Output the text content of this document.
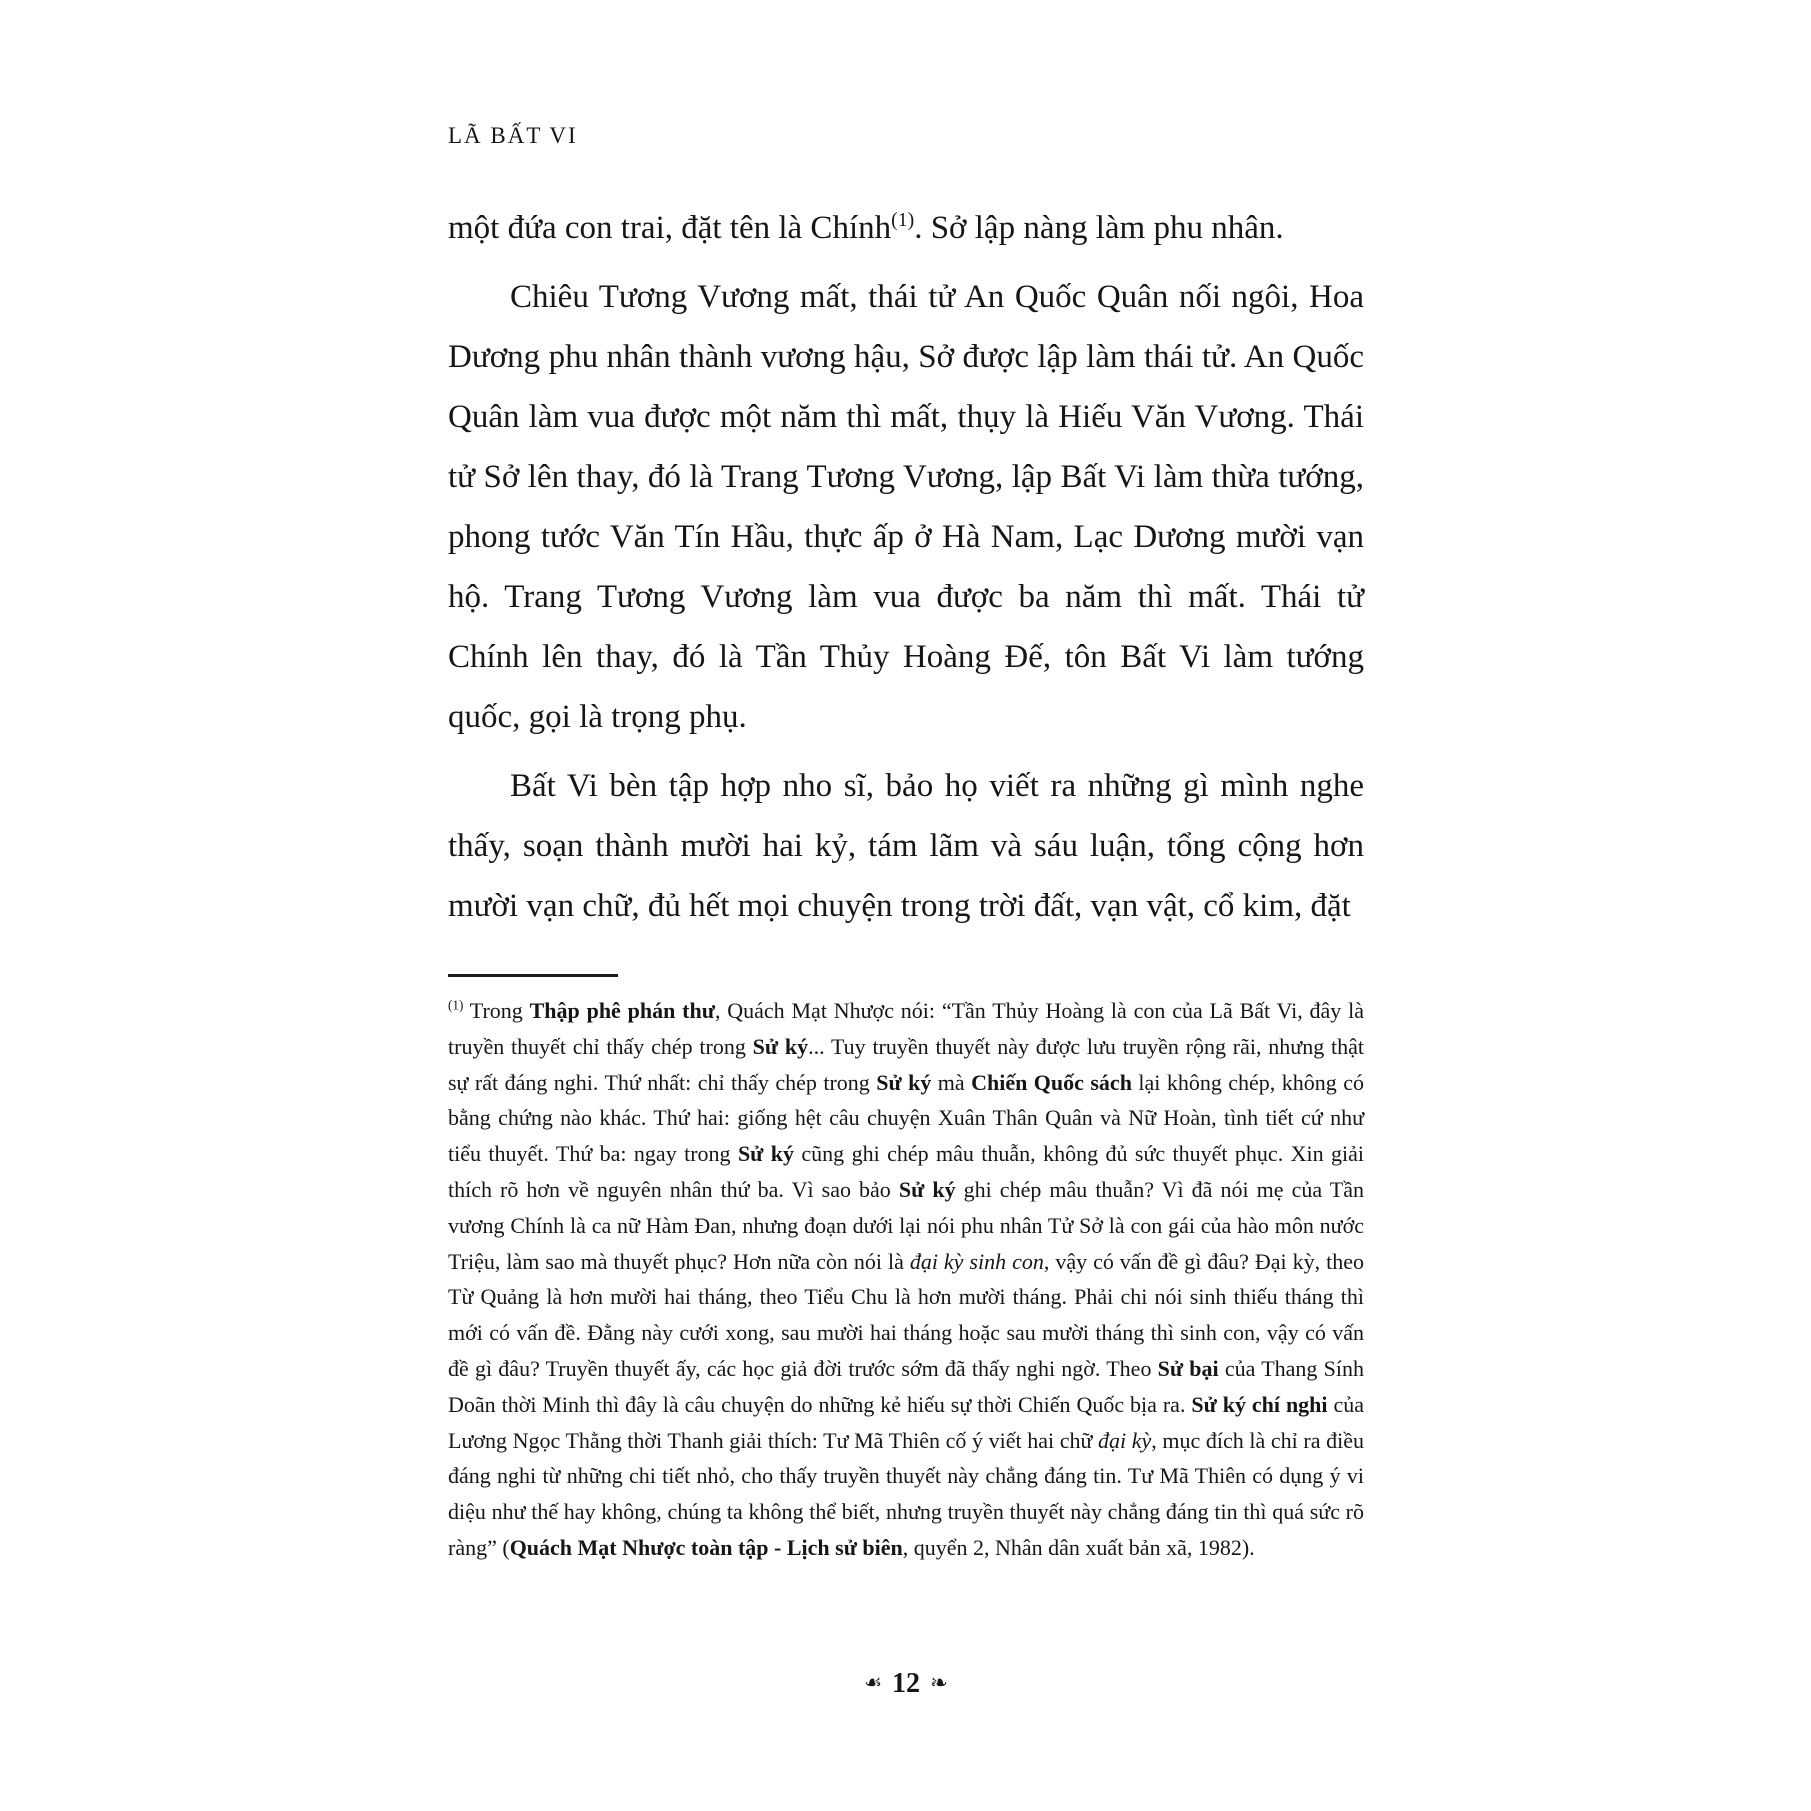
LÃ BẤT VI

một đứa con trai, đặt tên là Chính$^{(1)}$. Sở lập nàng làm phu nhân.

Chiêu Tương Vương mất, thái tử An Quốc Quân nối ngôi, Hoa Dương phu nhân thành vương hậu, Sở được lập làm thái tử. An Quốc Quân làm vua được một năm thì mất, thụy là Hiếu Văn Vương. Thái tử Sở lên thay, đó là Trang Tương Vương, lập Bất Vi làm thừa tướng, phong tước Văn Tín Hầu, thực ấp ở Hà Nam, Lạc Dương mười vạn hộ. Trang Tương Vương làm vua được ba năm thì mất. Thái tử Chính lên thay, đó là Tần Thủy Hoàng Đế, tôn Bất Vi làm tướng quốc, gọi là trọng phụ.

Bất Vi bèn tập hợp nho sĩ, bảo họ viết ra những gì mình nghe thấy, soạn thành mười hai kỷ, tám lãm và sáu luận, tổng cộng hơn mười vạn chữ, đủ hết mọi chuyện trong trời đất, vạn vật, cổ kim, đặt

$^{(1)}$ Trong Thập phê phán thư, Quách Mạt Nhược nói: “Tần Thủy Hoàng là con của Lã Bất Vi, đây là truyền thuyết chỉ thấy chép trong Sử ký... Tuy truyền thuyết này được lưu truyền rộng rãi, nhưng thật sự rất đáng nghi. Thứ nhất: chỉ thấy chép trong Sử ký mà Chiến Quốc sách lại không chép, không có bằng chứng nào khác. Thứ hai: giống hệt câu chuyện Xuân Thân Quân và Nữ Hoàn, tình tiết cứ như tiểu thuyết. Thứ ba: ngay trong Sử ký cũng ghi chép mâu thuẫn, không đủ sức thuyết phục. Xin giải thích rõ hơn về nguyên nhân thứ ba. Vì sao bảo Sử ký ghi chép mâu thuẫn? Vì đã nói mẹ của Tần vương Chính là ca nữ Hàm Đan, nhưng đoạn dưới lại nói phu nhân Tử Sở là con gái của hào môn nước Triệu, làm sao mà thuyết phục? Hơn nữa còn nói là đại kỳ sinh con, vậy có vấn đề gì đâu? Đại kỳ, theo Từ Quảng là hơn mười hai tháng, theo Tiểu Chu là hơn mười tháng. Phải chi nói sinh thiếu tháng thì mới có vấn đề. Đằng này cưới xong, sau mười hai tháng hoặc sau mười tháng thì sinh con, vậy có vấn đề gì đâu? Truyền thuyết ấy, các học giả đời trước sớm đã thấy nghi ngờ. Theo Sử bại của Thang Sính Doãn thời Minh thì đây là câu chuyện do những kẻ hiếu sự thời Chiến Quốc bịa ra. Sử ký chí nghi của Lương Ngọc Thằng thời Thanh giải thích: Tư Mã Thiên cố ý viết hai chữ đại kỳ, mục đích là chỉ ra điều đáng nghi từ những chi tiết nhỏ, cho thấy truyền thuyết này chẳng đáng tin. Tư Mã Thiên có dụng ý vi diệu như thế hay không, chúng ta không thể biết, nhưng truyền thuyết này chẳng đáng tin thì quá sức rõ ràng” (Quách Mạt Nhược toàn tập - Lịch sử biên, quyển 2, Nhân dân xuất bản xã, 1982).

☙ 12 ☙
